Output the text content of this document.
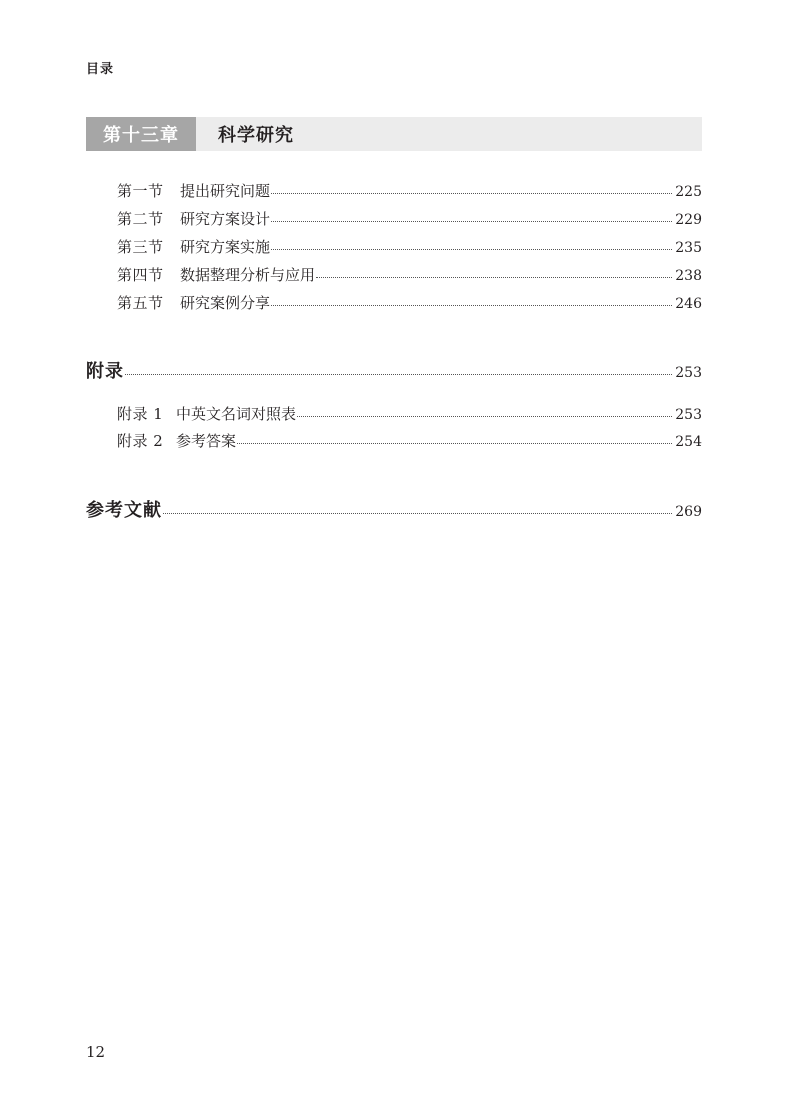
目录
第十三章	科学研究
第一节 提出研究问题	225
第二节 研究方案设计	229
第三节 研究方案实施	235
第四节 数据整理分析与应用	238
第五节 研究案例分享	246
附录	253
附录 1 中英文名词对照表	253
附录 2 参考答案	254
参考文献	269
12
